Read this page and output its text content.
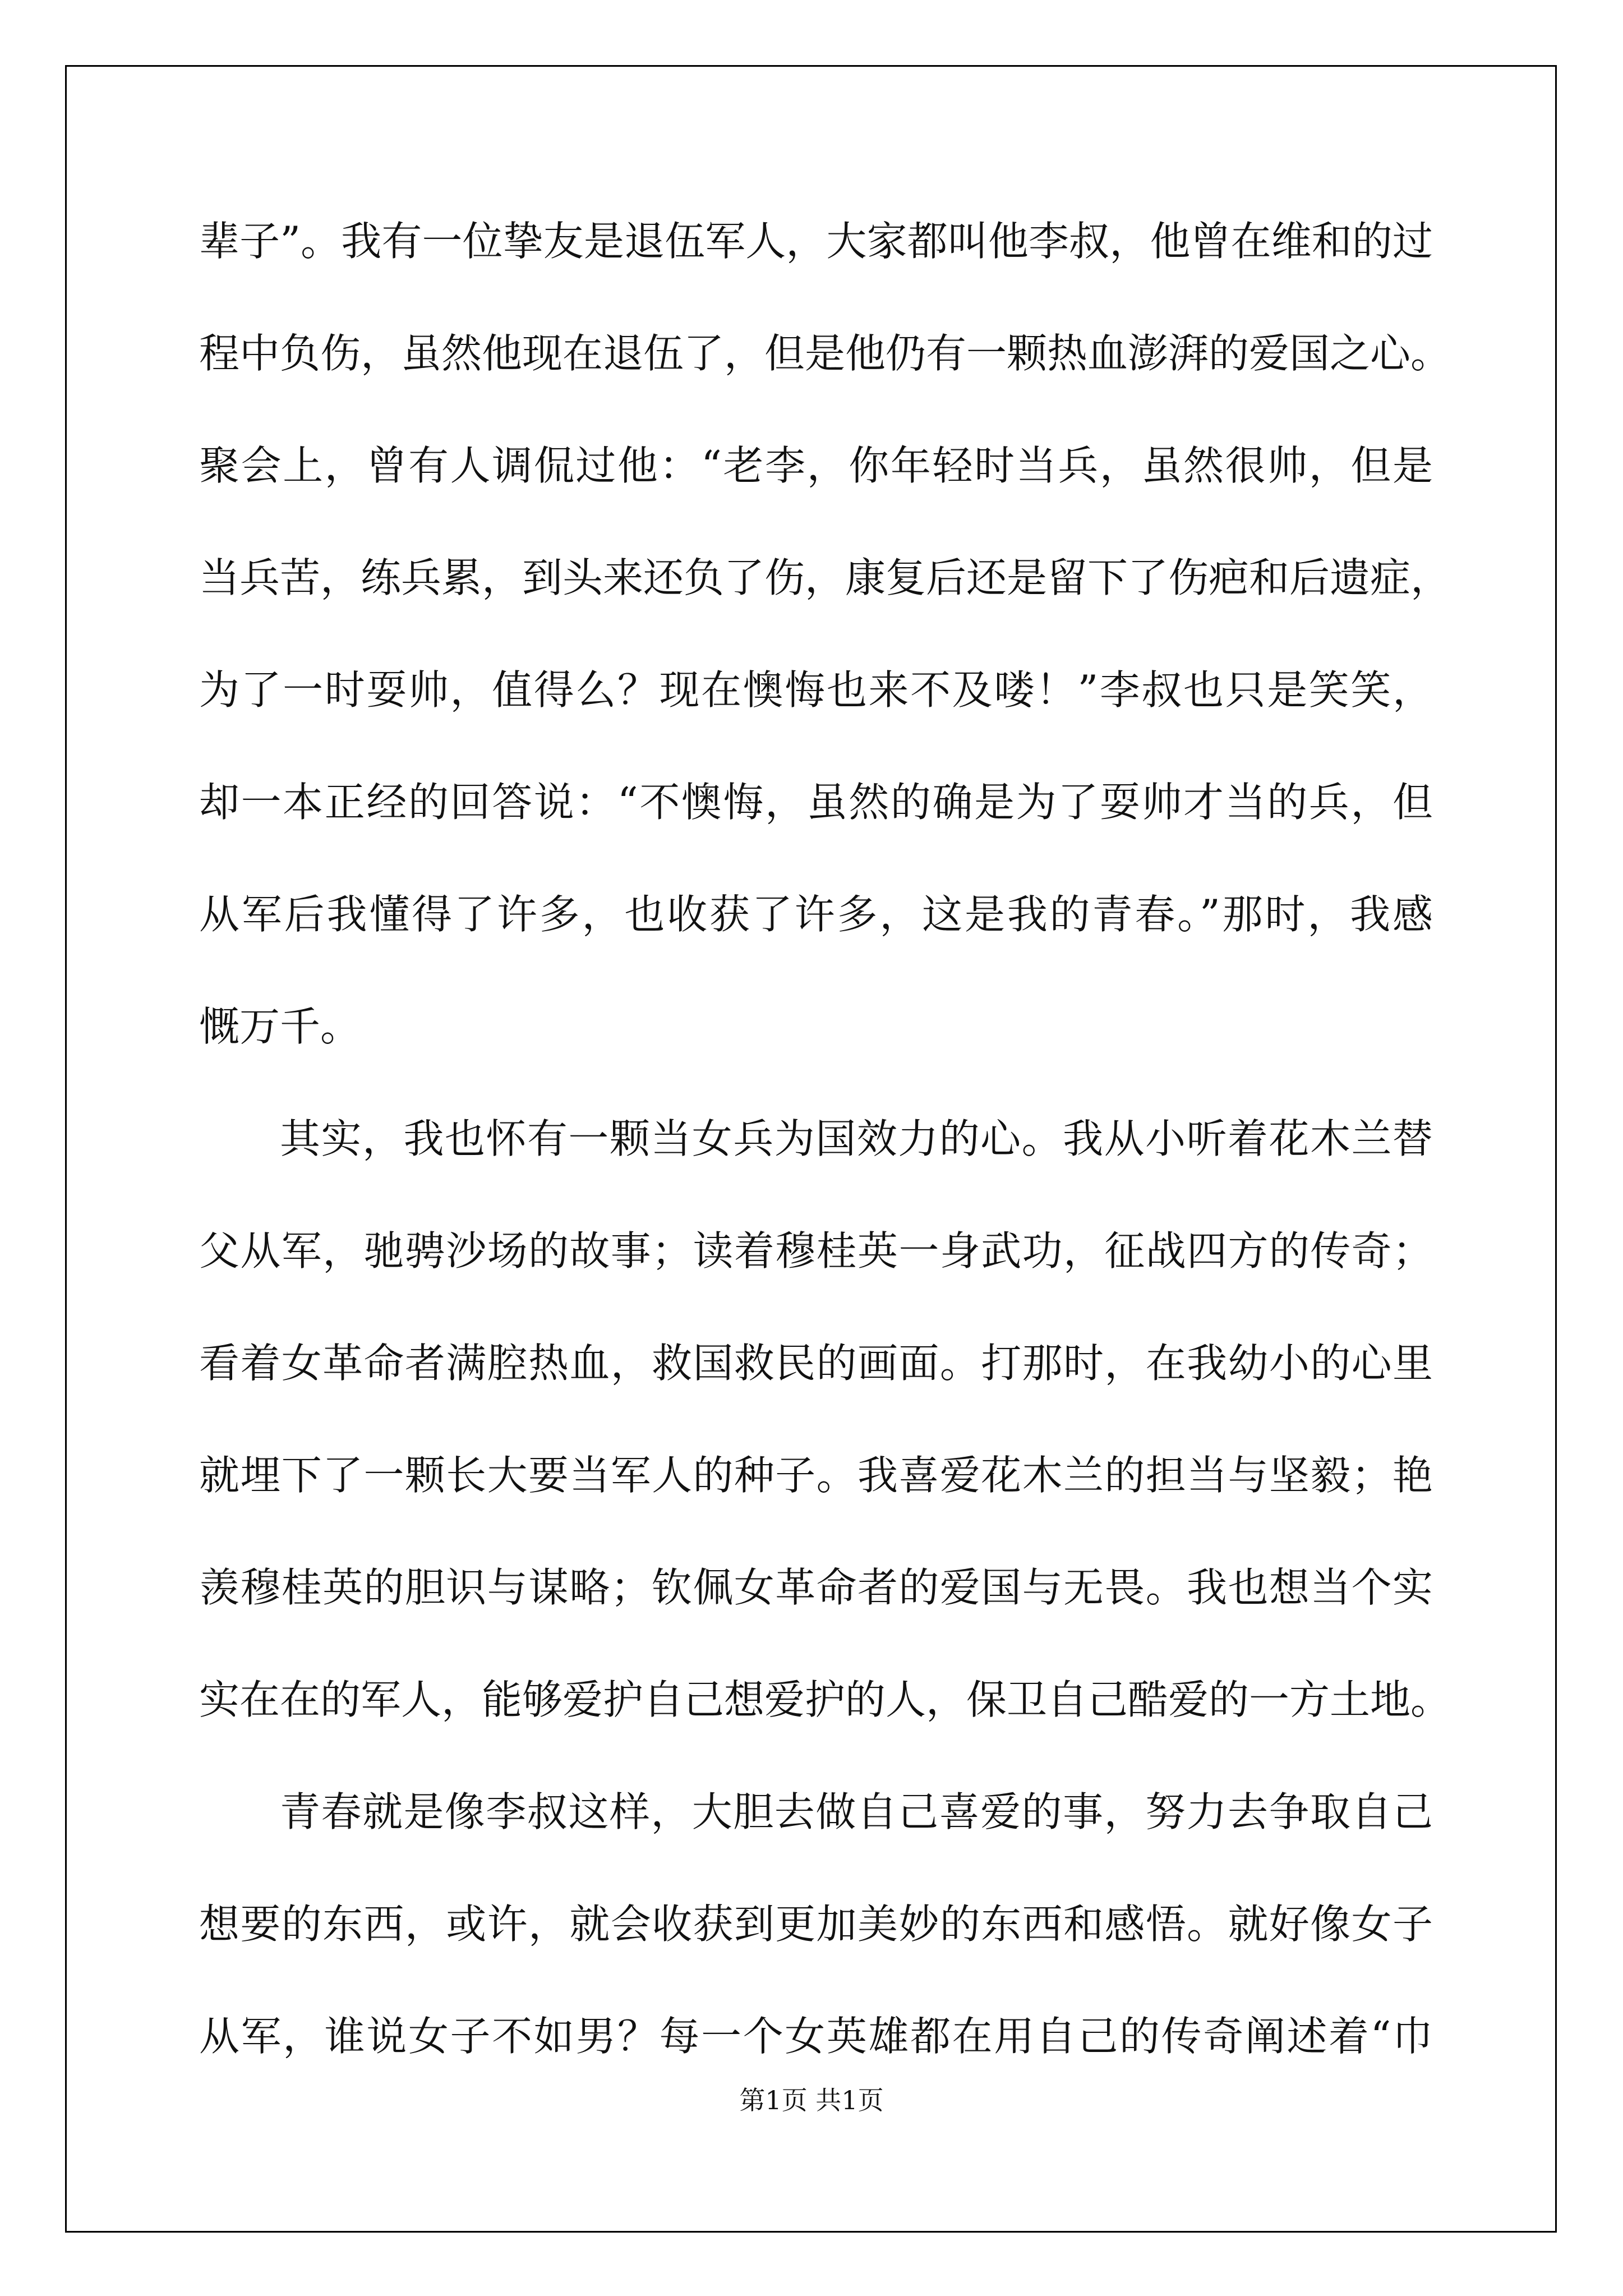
辈子”。我有一位挚友是退伍军人，大家都叫他李叔，他曾在维和的过
程中负伤，虽然他现在退伍了，但是他仍有一颗热血澎湃的爱国之心。
聚会上，曾有人调侃过他：“老李，你年轻时当兵，虽然很帅，但是
当兵苦，练兵累，到头来还负了伤，康复后还是留下了伤疤和后遗症，
为了一时耍帅，值得么？现在懊悔也来不及喽！”李叔也只是笑笑，
却一本正经的回答说：“不懊悔，虽然的确是为了耍帅才当的兵，但
从军后我懂得了许多，也收获了许多，这是我的青春。”那时，我感
慨万千。
其实，我也怀有一颗当女兵为国效力的心。我从小听着花木兰替
父从军，驰骋沙场的故事；读着穆桂英一身武功，征战四方的传奇；
看着女革命者满腔热血，救国救民的画面。打那时，在我幼小的心里
就埋下了一颗长大要当军人的种子。我喜爱花木兰的担当与坚毅；艳
羡穆桂英的胆识与谋略；钦佩女革命者的爱国与无畏。我也想当个实
实在在的军人，能够爱护自己想爱护的人，保卫自己酷爱的一方土地。
青春就是像李叔这样，大胆去做自己喜爱的事，努力去争取自己
想要的东西，或许，就会收获到更加美妙的东西和感悟。就好像女子
从军，谁说女子不如男？每一个女英雄都在用自己的传奇阐述着“巾
第1页 共1页
